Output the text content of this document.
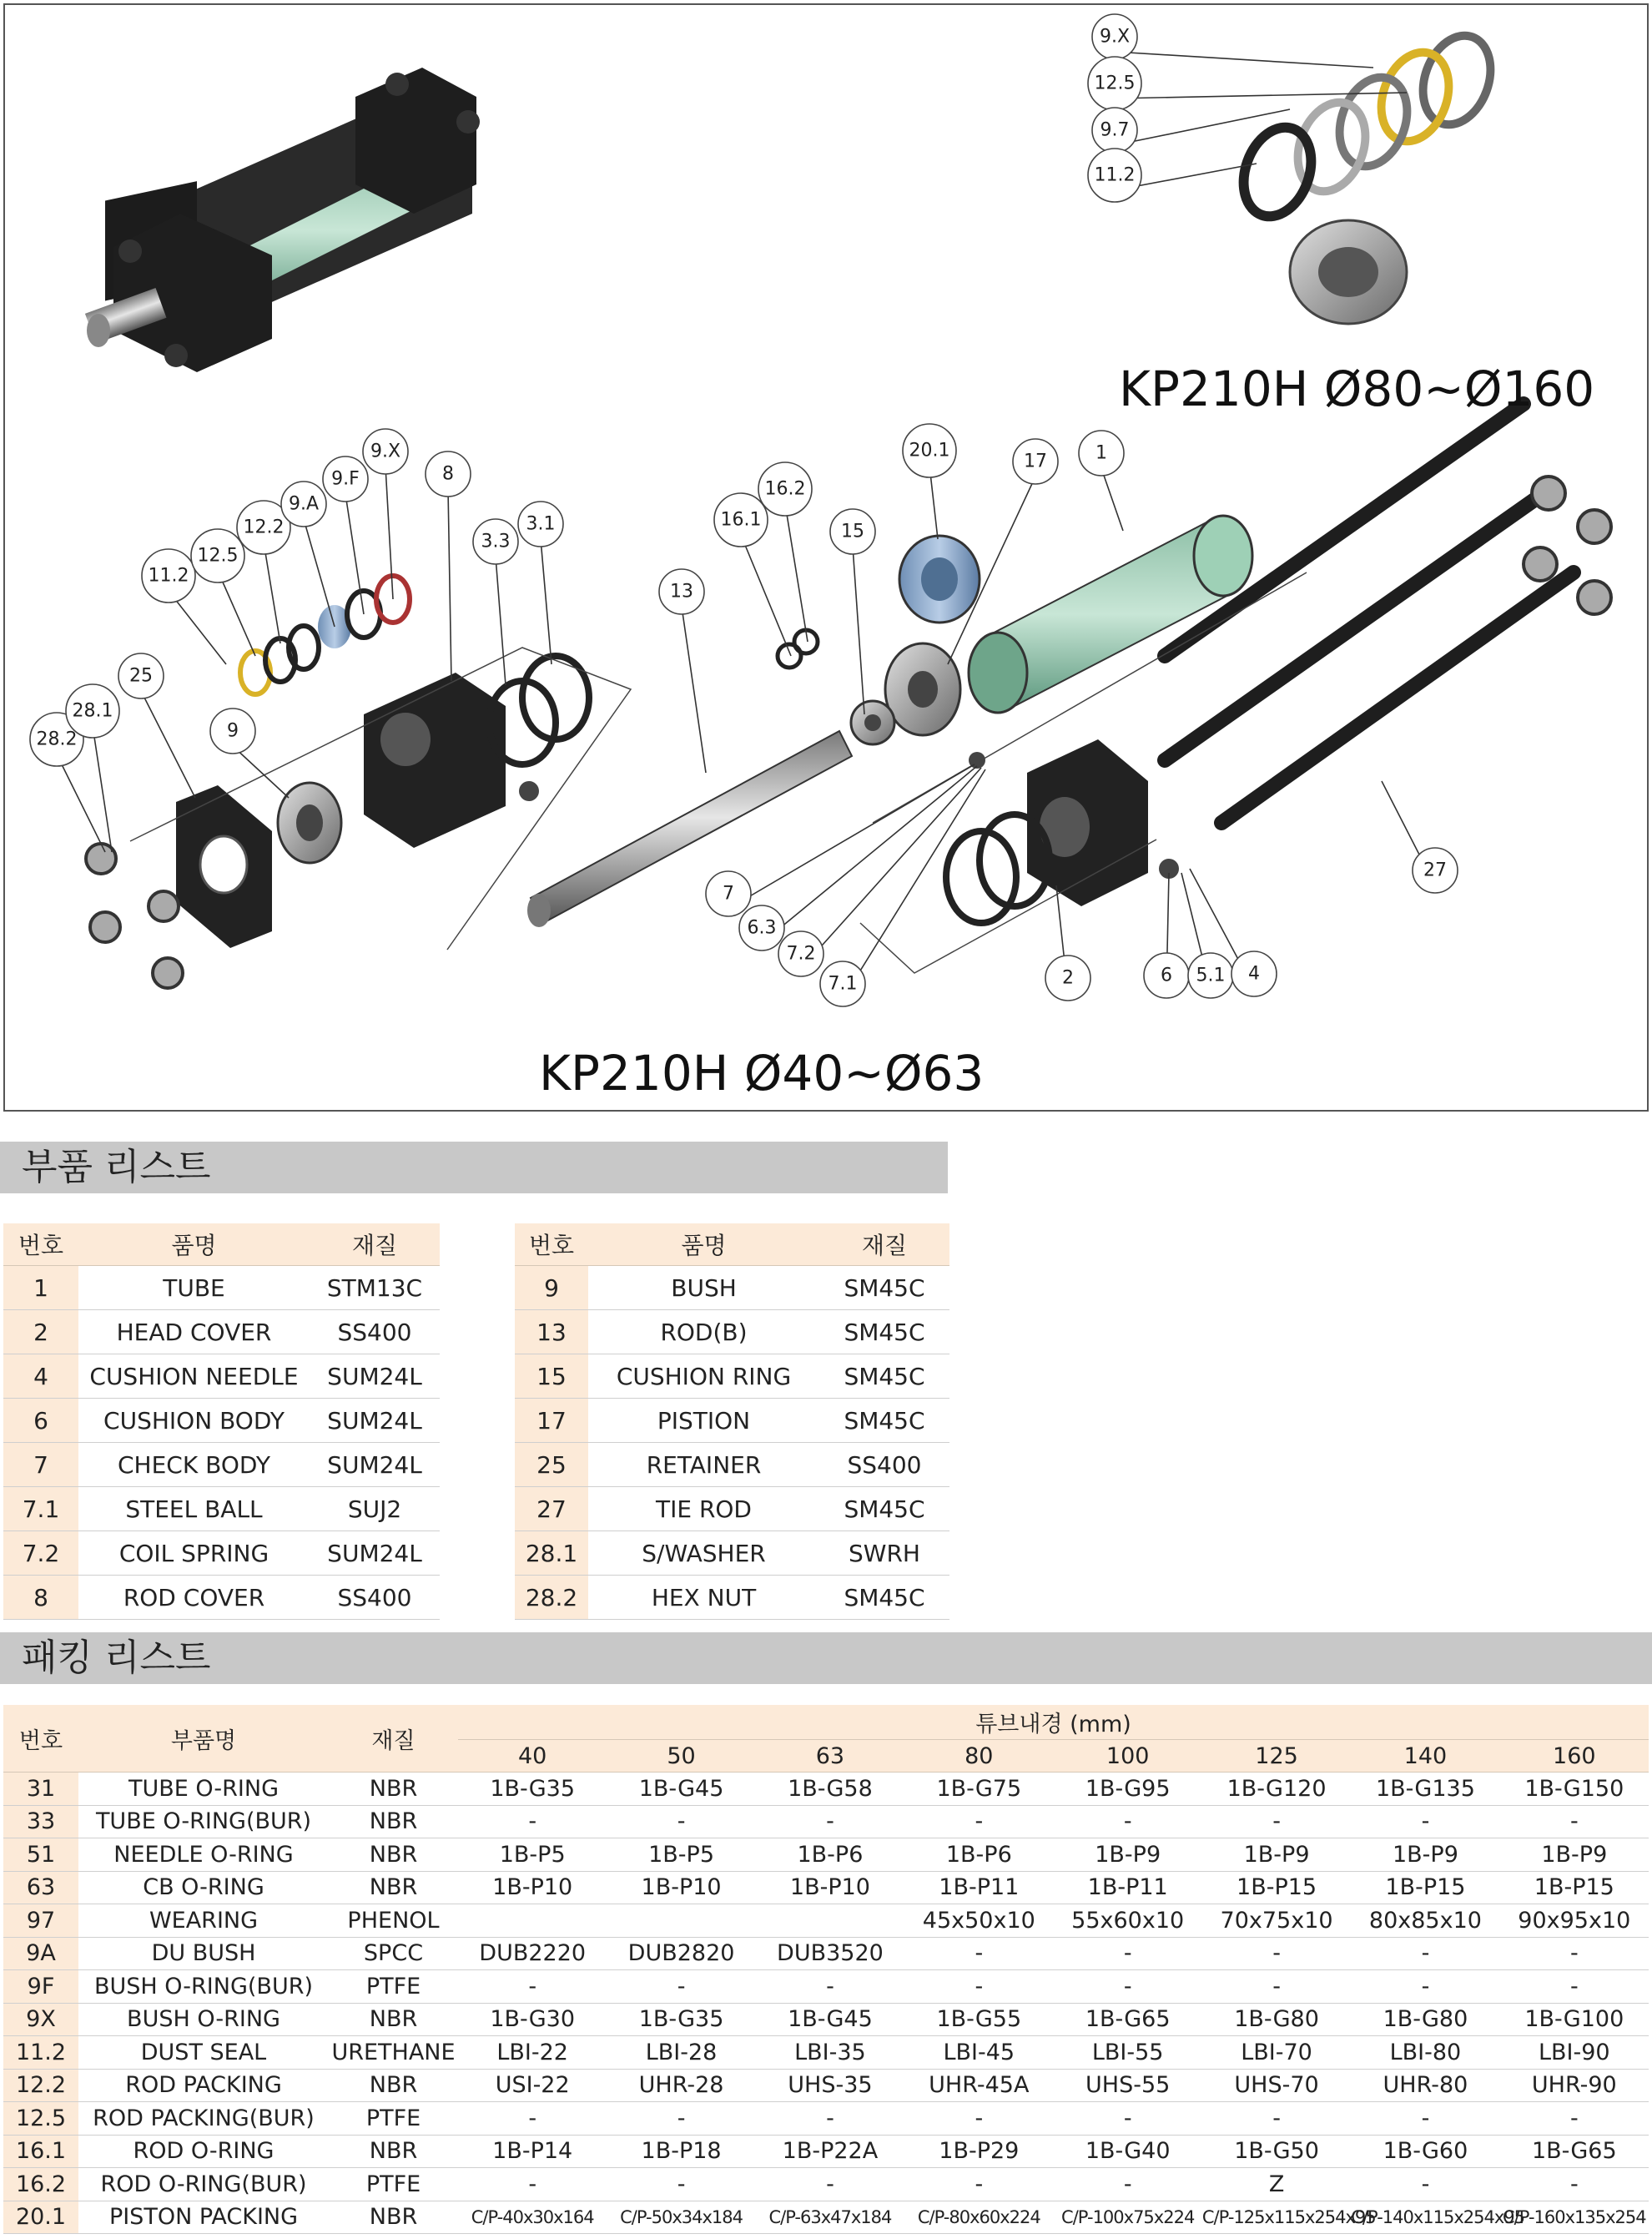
9.X
12.5
9.7
11.2
28.2
28.1
25
9
11.2
12.5
12.2
9.A
9.F
9.X
8
3.3
3.1
13
16.1
16.2
15
20.1
17	1
27
7
6.3
7.2
7.1	2	6 5.1 4
KP210H Ø80~Ø160
KP210H Ø40~Ø63
부품 리스트
번호	품명	재질
1	TUBE	STM13C
2	HEAD COVER	SS400
4	CUSHION NEEDLE	SUM24L
6	CUSHION BODY	SUM24L
7	CHECK BODY	SUM24L
7.1	STEEL BALL	SUJ2
7.2	COIL SPRING	SUM24L
8	ROD COVER	SS400
번호	품명	재질
9	BUSH	SM45C
13	ROD(B)	SM45C
15	CUSHION RING	SM45C
17	PISTION	SM45C
25	RETAINER	SS400
27	TIE ROD	SM45C
28.1	S/WASHER	SWRH
28.2	HEX NUT	SM45C
패킹 리스트
번호	부품명	재질	튜브내경 (mm)							
			40	50	63	80	100	125	140	160
31	TUBE O-RING	NBR	1B-G35	1B-G45	1B-G58	1B-G75	1B-G95	1B-G120	1B-G135	1B-G150
33	TUBE O-RING(BUR)	NBR	-	-	-	-	-	-	-	-
51	NEEDLE O-RING	NBR	1B-P5	1B-P5	1B-P6	1B-P6	1B-P9	1B-P9	1B-P9	1B-P9
63	CB O-RING	NBR	1B-P10	1B-P10	1B-P10	1B-P11	1B-P11	1B-P15	1B-P15	1B-P15
97	WEARING	PHENOL				45x50x10	55x60x10	70x75x10	80x85x10	90x95x10
9A	DU BUSH	SPCC	DUB2220	DUB2820	DUB3520	-	-	-	-	-
9F	BUSH O-RING(BUR)	PTFE	-	-	-	-	-	-	-	-
9X	BUSH O-RING	NBR	1B-G30	1B-G35	1B-G45	1B-G55	1B-G65	1B-G80	1B-G80	1B-G100
11.2	DUST SEAL	URETHANE	LBI-22	LBI-28	LBI-35	LBI-45	LBI-55	LBI-70	LBI-80	LBI-90
12.2	ROD PACKING	NBR	USI-22	UHR-28	UHS-35	UHR-45A	UHS-55	UHS-70	UHR-80	UHR-90
12.5	ROD PACKING(BUR)	PTFE	-	-	-	-	-	-	-	-
16.1	ROD O-RING	NBR	1B-P14	1B-P18	1B-P22A	1B-P29	1B-G40	1B-G50	1B-G60	1B-G65
16.2	ROD O-RING(BUR)	PTFE	-	-	-	-	-	Z	-	-
20.1	PISTON PACKING	NBR	C/P-40x30x164	C/P-50x34x184	C/P-63x47x184	C/P-80x60x224	C/P-100x75x224	C/P-125x115x254x95	C/P-140x115x254x95	C/P-160x135x254
